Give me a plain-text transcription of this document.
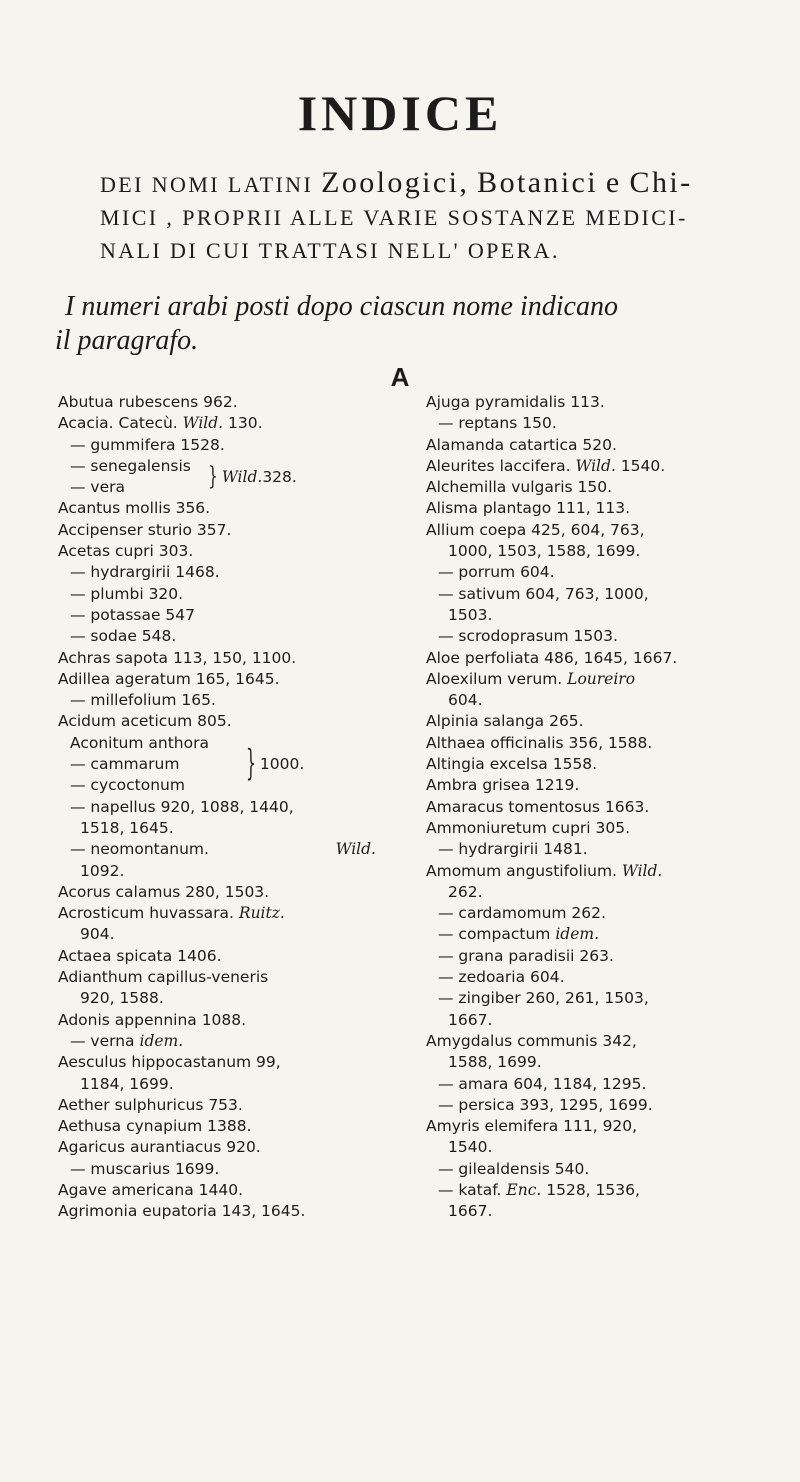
INDICE
DEI NOMI LATINI Zoologici, Botanici e Chi-
MICI , PROPRII ALLE VARIE SOSTANZE MEDICI-
NALI DI CUI TRATTASI NELL' OPERA.
I numeri arabi posti dopo ciascun nome indicano
il paragrafo.
A
Abutua rubescens 962.
Acacia. Catecù. Wild. 130.
— gummifera 1528.
— senegalensis
— vera	} Wild. 328.
Acantus mollis 356.
Accipenser sturio 357.
Acetas cupri 303.
— hydrargirii 1468.
— plumbi 320.
— potassae 547
— sodae 548.
Achras sapota 113, 150, 1100.
Adillea ageratum 165, 1645.
— millefolium 165.
Acidum aceticum 805.
Aconitum anthora
— cammarum
— cycoctonum
} 1000.
— napellus 920, 1088, 1440,
1518, 1645.
— neomontanum.	Wild.
1092.
Acorus calamus 280, 1503.
Acrosticum huvassara. Ruitz.
904.
Actaea spicata 1406.
Adianthum capillus-veneris
920, 1588.
Adonis appennina 1088.
— verna idem.
Aesculus hippocastanum 99,
1184, 1699.
Aether sulphuricus 753.
Aethusa cynapium 1388.
Agaricus aurantiacus 920.
— muscarius 1699.
Agave americana 1440.
Agrimonia eupatoria 143, 1645.
Ajuga pyramidalis 113.
— reptans 150.
Alamanda catartica 520.
Aleurites laccifera. Wild. 1540.
Alchemilla vulgaris 150.
Alisma plantago 111, 113.
Allium coepa 425, 604, 763,
1000, 1503, 1588, 1699.
— porrum 604.
— sativum 604, 763, 1000,
1503.
— scrodoprasum 1503.
Aloe perfoliata 486, 1645, 1667.
Aloexilum verum. Loureiro
604.
Alpinia salanga 265.
Althaea officinalis 356, 1588.
Altingia excelsa 1558.
Ambra grisea 1219.
Amaracus tomentosus 1663.
Ammoniuretum cupri 305.
— hydrargirii 1481.
Amomum angustifolium. Wild.
262.
— cardamomum 262.
— compactum idem.
— grana paradisii 263.
— zedoaria 604.
— zingiber 260, 261, 1503,
1667.
Amygdalus communis 342,
1588, 1699.
— amara 604, 1184, 1295.
— persica 393, 1295, 1699.
Amyris elemifera 111, 920,
1540.
— gilealdensis 540.
— kataf. Enc. 1528, 1536,
1667.
